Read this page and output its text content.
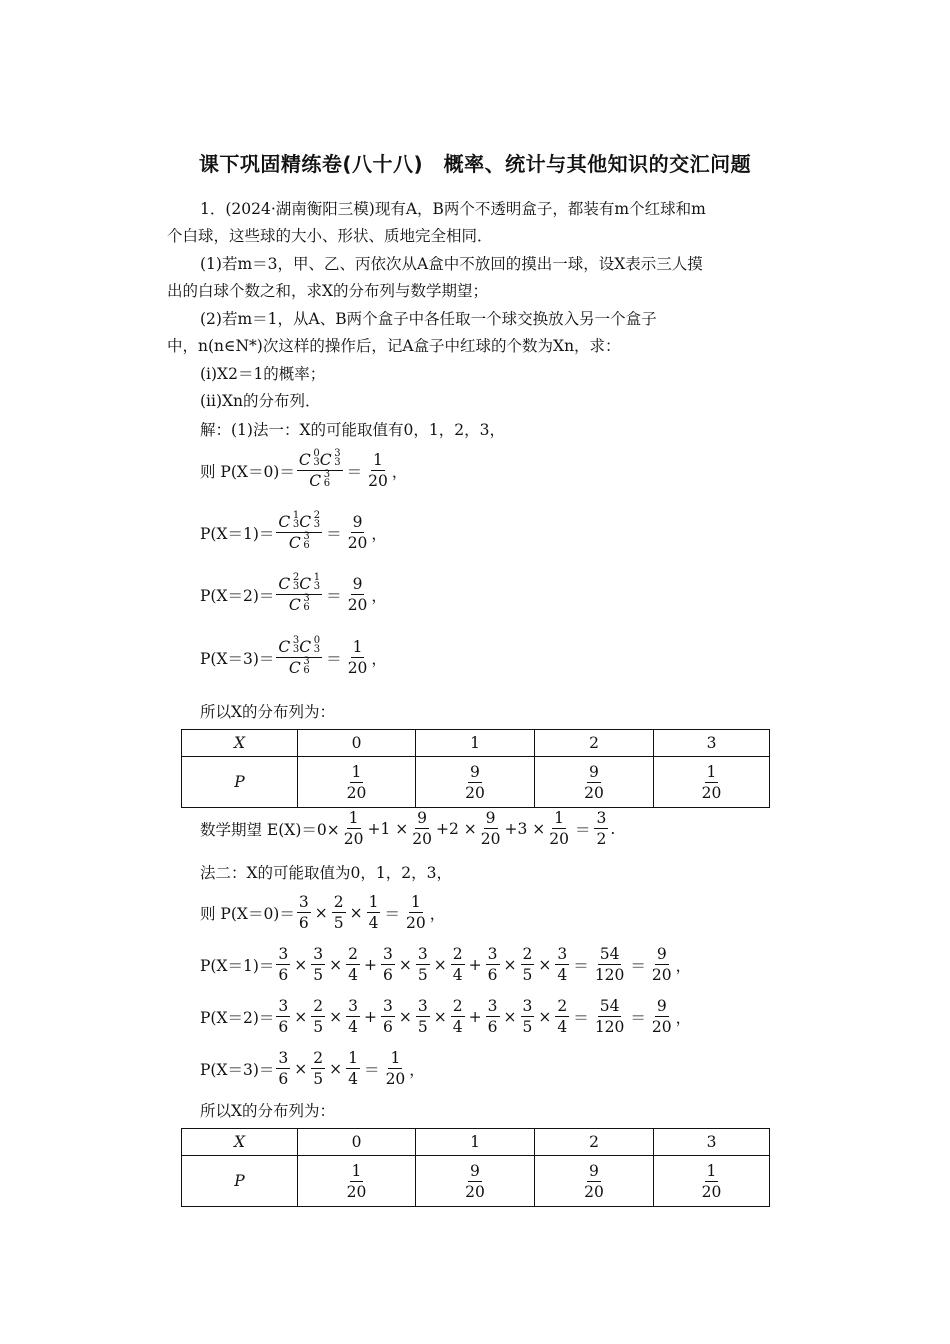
课下巩固精练卷(八十八)　概率、统计与其他知识的交汇问题
1．(2024·湖南衡阳三模)现有A，B两个不透明盒子，都装有m个红球和m
个白球，这些球的大小、形状、质地完全相同．
(1)若m＝3，甲、乙、丙依次从A盒中不放回的摸出一球，设X表示三人摸
出的白球个数之和，求X的分布列与数学期望；
(2)若m＝1，从A、B两个盒子中各任取一个球交换放入另一个盒子
中，n(n∈N*)次这样的操作后，记A盒子中红球的个数为Xn，求：
(i)X2＝1的概率；
(ii)Xn的分布列．
解：(1)法一：X的可能取值有0，1，2，3，
则 P(X＝0)＝ C 0
3 C 3
3
C 3
$6 = \frac{1}{20}$ ，
P(X＝1)＝ C 1
3 C 2
3
C 3
$6 = \frac{9}{20}$ ，
P(X＝2)＝ C 2
3 C 1
3
C 3
$6 = \frac{9}{20}$ ，
P(X＝3)＝ C 3
3 C 0
3
C 3
$6 = \frac{1}{20}$ ，
所以X的分布列为：
X	0	1	2	3
P	$\frac{1}{20}$	$\frac{9}{20}$	$\frac{9}{20}$	$\frac{1}{20}$
数学期望 $E(X)=0\times \frac{1}{20} +1 \times \frac{9}{20} +2 \times \frac{9}{20} +3 \times \frac{1}{20} = \frac{3}{2}$ .
法二：X的可能取值为0，1，2，3，
则 $P(X=0)= \frac{3}{6} \times \frac{2}{5} \times \frac{1}{4} = \frac{1}{20}$ ，
$P(X=1)= \frac{3}{6} \times \frac{3}{5} \times \frac{2}{4} + \frac{3}{6} \times \frac{3}{5} \times \frac{2}{4} + \frac{3}{6} \times \frac{2}{5} \times \frac{3}{4} = \frac{54}{120} = \frac{9}{20}$ ，
$P(X=2)= \frac{3}{6} \times \frac{2}{5} \times \frac{3}{4} + \frac{3}{6} \times \frac{3}{5} \times \frac{2}{4} + \frac{3}{6} \times \frac{3}{5} \times \frac{2}{4} = \frac{54}{120} = \frac{9}{20}$ ，
$P(X=3)= \frac{3}{6} \times \frac{2}{5} \times \frac{1}{4} = \frac{1}{20}$ ，
所以X的分布列为：
X	0	1	2	3
P	$\frac{1}{20}$	$\frac{9}{20}$	$\frac{9}{20}$	$\frac{1}{20}$
